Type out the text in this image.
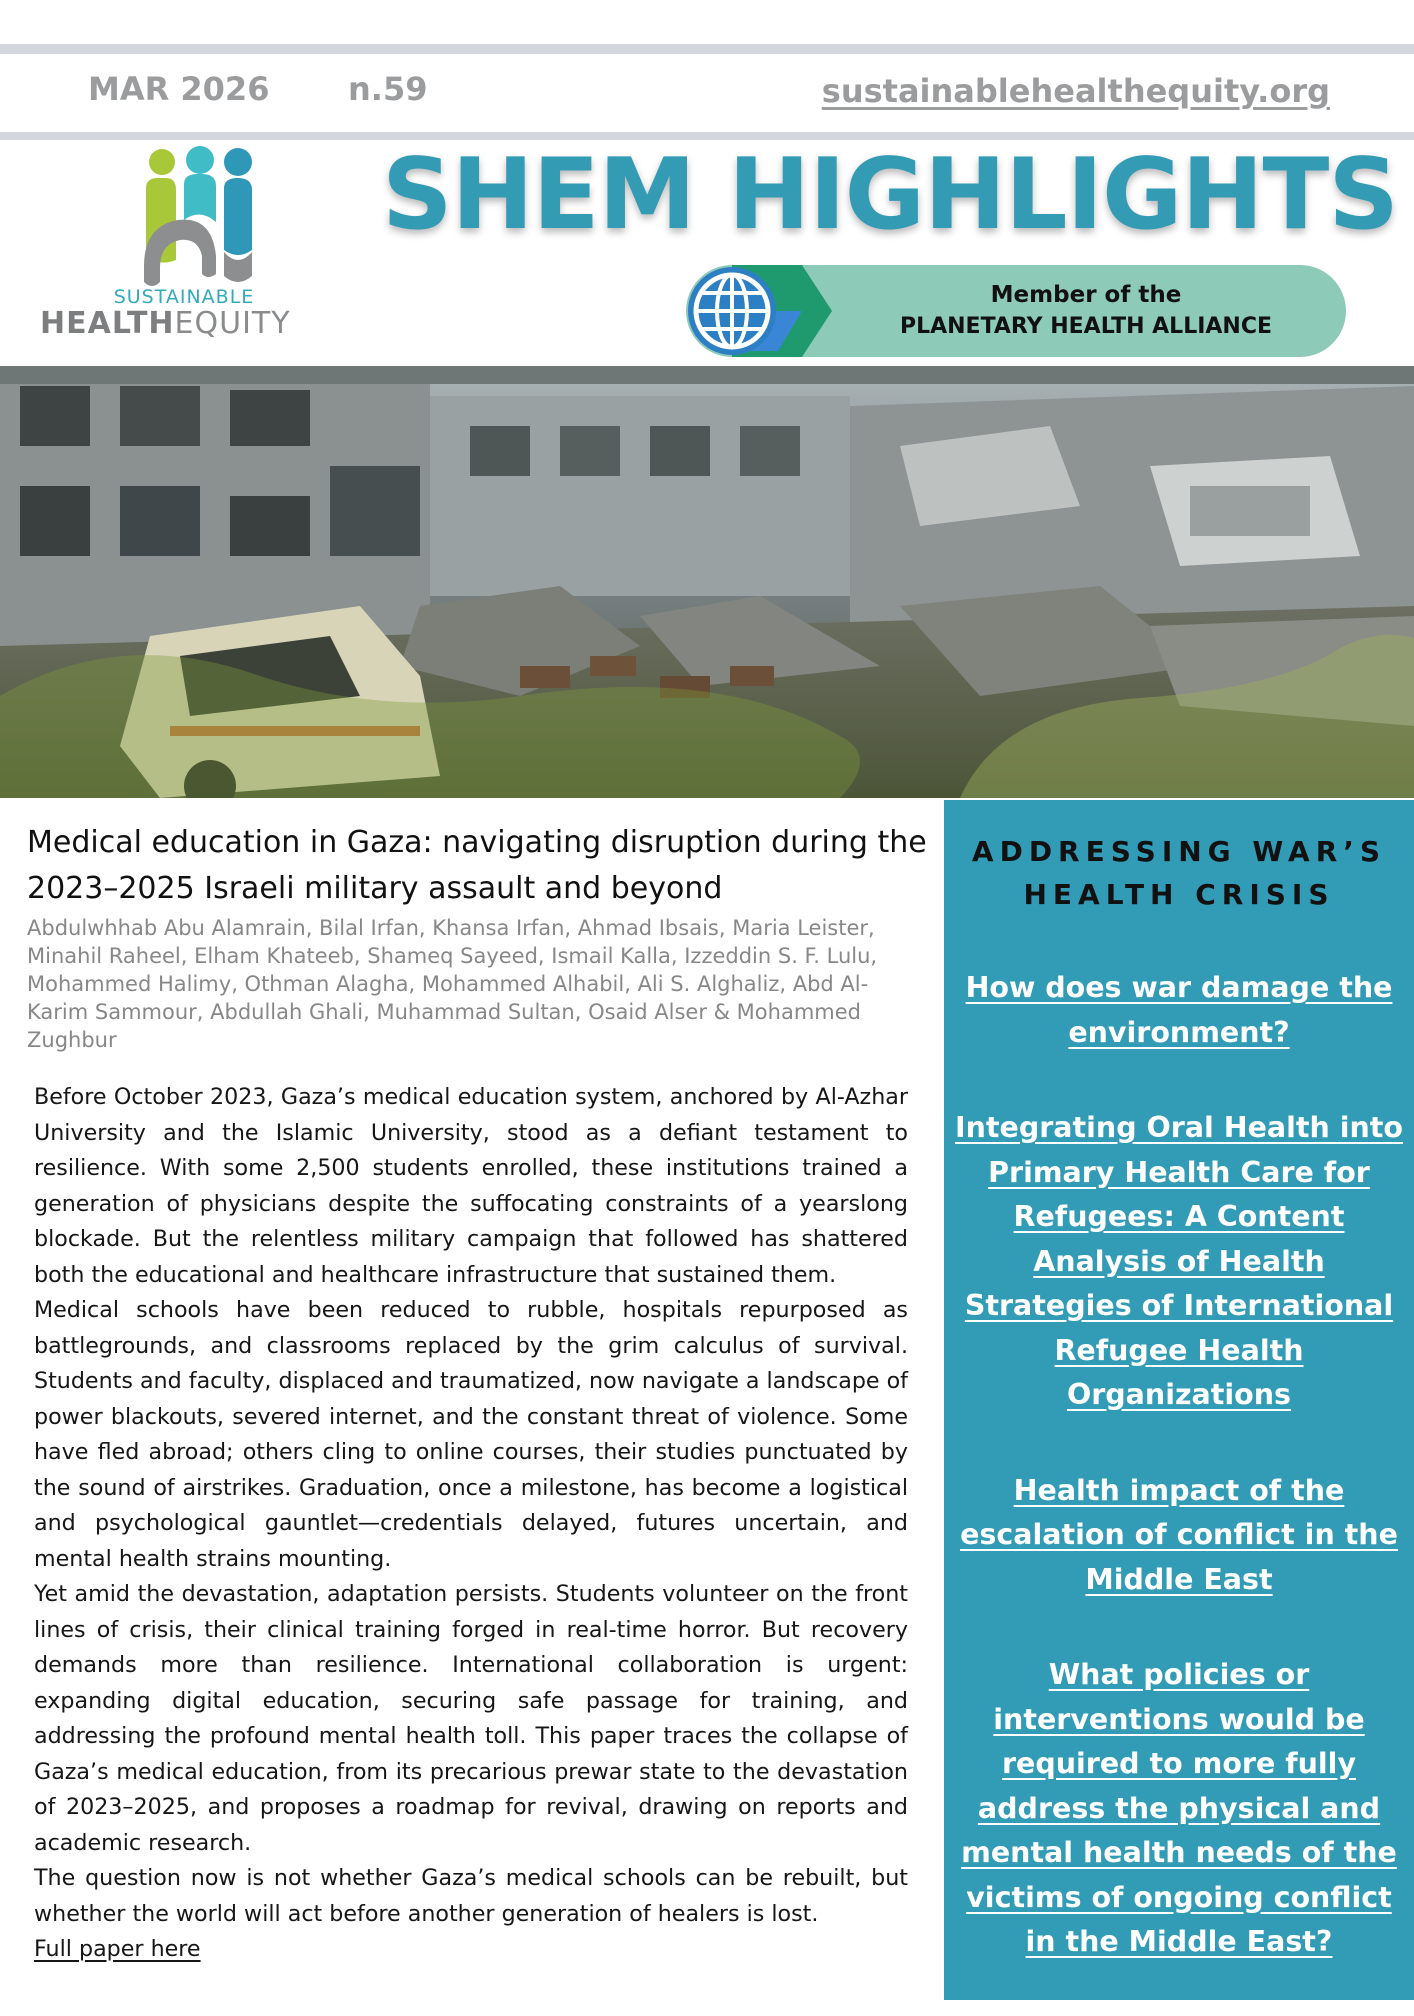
MAR 2026 n.59	sustainablehealthequity.org
SUSTAINABLE
HEALTHEQUITY
SHEM HIGHLIGHTS
Member of the
PLANETARY HEALTH ALLIANCE
Medical education in Gaza: navigating disruption during the 2023–2025 Israeli military assault and beyond
Abdulwhhab Abu Alamrain, Bilal Irfan, Khansa Irfan, Ahmad Ibsais, Maria Leister, Minahil Raheel, Elham Khateeb, Shameq Sayeed, Ismail Kalla, Izzeddin S. F. Lulu, Mohammed Halimy, Othman Alagha, Mohammed Alhabil, Ali S. Alghaliz, Abd Al-Karim Sammour, Abdullah Ghali, Muhammad Sultan, Osaid Alser & Mohammed Zughbur

Before October 2023, Gaza’s medical education system, anchored by Al-Azhar University and the Islamic University, stood as a defiant testament to resilience. With some 2,500 students enrolled, these institutions trained a generation of physicians despite the suffocating constraints of a yearslong blockade. But the relentless military campaign that followed has shattered both the educational and healthcare infrastructure that sustained them.

Medical schools have been reduced to rubble, hospitals repurposed as battlegrounds, and classrooms replaced by the grim calculus of survival. Students and faculty, displaced and traumatized, now navigate a landscape of power blackouts, severed internet, and the constant threat of violence. Some have fled abroad; others cling to online courses, their studies punctuated by the sound of airstrikes. Graduation, once a milestone, has become a logistical and psychological gauntlet—credentials delayed, futures uncertain, and mental health strains mounting.

Yet amid the devastation, adaptation persists. Students volunteer on the front lines of crisis, their clinical training forged in real-time horror. But recovery demands more than resilience. International collaboration is urgent: expanding digital education, securing safe passage for training, and addressing the profound mental health toll. This paper traces the collapse of Gaza’s medical education, from its precarious prewar state to the devastation of 2023–2025, and proposes a roadmap for revival, drawing on reports and academic research.

The question now is not whether Gaza’s medical schools can be rebuilt, but whether the world will act before another generation of healers is lost.

Full paper here

ADDRESSING WAR’S HEALTH CRISIS
How does war damage the environment?
Integrating Oral Health into Primary Health Care for Refugees: A Content Analysis of Health Strategies of International Refugee Health Organizations
Health impact of the escalation of conflict in the Middle East
What policies or interventions would be required to more fully address the physical and mental health needs of the victims of ongoing conflict in the Middle East?
